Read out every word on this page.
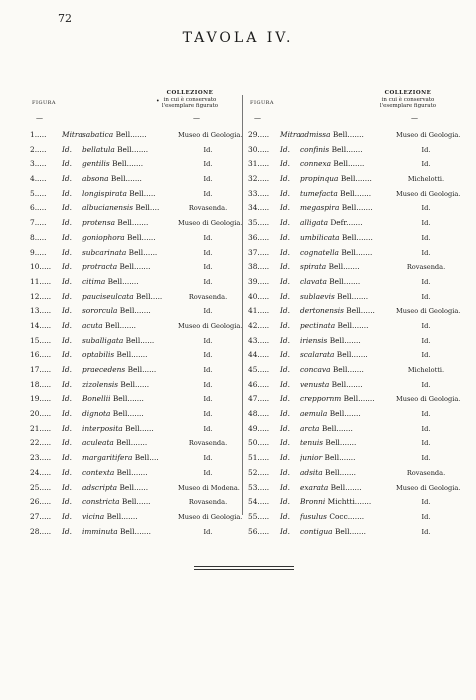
72
TAVOLA IV.
•
FIGURA
—
COLLEZIONE
in cui è conservato
l'esemplare figurato
—
1.....	Mitra sabatica Bell.......	Museo di Geologia.
2.....	Id.	bellatula Bell.......	Id.
3.....	Id.	gentilis Bell.......	Id.
4.....	Id.	absona Bell.......	Id.
5.....	Id.	longispirata Bell.....	Id.
6.....	Id.	albucianensis Bell....	Rovasenda.
7.....	Id.	protensa Bell.......	Museo di Geologia.
8.....	Id.	goniophora Bell......	Id.
9.....	Id.	subcarinata Bell......	Id.
10.....	Id.	protracta Bell.......	Id.
11.....	Id.	citima Bell.......	Id.
12.....	Id.	pauciseulcata Bell.....	Rovasenda.
13.....	Id.	sororcula Bell.......	Id.
14.....	Id.	acuta Bell.......	Museo di Geologia.
15.....	Id.	suballigata Bell......	Id.
16.....	Id.	optabilis Bell.......	Id.
17.....	Id.	praecedens Bell......	Id.
18.....	Id.	zizolensis Bell......	Id.
19.....	Id.	Bonellii Bell.......	Id.
20.....	Id.	dignota Bell.......	Id.
21.....	Id.	interposita Bell......	Id.
22.....	Id.	aculeata Bell.......	Rovasenda.
23.....	Id.	margaritifera Bell....	Id.
24.....	Id.	contexta Bell.......	Id.
25.....	Id.	adscripta Bell......	Museo di Modena.
26.....	Id.	constricta Bell......	Rovasenda.
27.....	Id.	vicina Bell.......	Museo di Geologia.
28.....	Id.	imminuta Bell.......	Id.
FIGURA
—
COLLEZIONE
in cui è conservato
l'esemplare figurato
—
29.....	Mitra admissa Bell.......	Museo di Geologia.
30.....	Id.	confinis Bell.......	Id.
31.....	Id.	connexa Bell.......	Id.
32.....	Id.	propinqua Bell.......	Michelotti.
33.....	Id.	tumefacta Bell.......	Museo di Geologia.
34.....	Id.	megaspira Bell.......	Id.
35.....	Id.	alligata Defr.......	Id.
36.....	Id.	umbilicata Bell.......	Id.
37.....	Id.	cognatella Bell.......	Id.
38.....	Id.	spirata Bell.......	Rovasenda.
39.....	Id.	clavata Bell.......	Id.
40.....	Id.	sublaevis Bell.......	Id.
41.....	Id.	dertonensis Bell......	Museo di Geologia.
42.....	Id.	pectinata Bell.......	Id.
43.....	Id.	iriensis Bell.......	Id.
44.....	Id.	scalarata Bell.......	Id.
45.....	Id.	concava Bell.......	Michelotti.
46.....	Id.	venusta Bell.......	Id.
47.....	Id.	creppornm Bell.......	Museo di Geologia.
48.....	Id.	aemula Bell.......	Id.
49.....	Id.	arcta Bell.......	Id.
50.....	Id.	tenuis Bell.......	Id.
51.....	Id.	junior Bell.......	Id.
52.....	Id.	adsita Bell.......	Rovasenda.
53.....	Id.	exarata Bell.......	Museo di Geologia.
54.....	Id.	Bronni Michtti.......	Id.
55.....	Id.	fusulus Cocc.......	Id.
56.....	Id.	contigua Bell.......	Id.
